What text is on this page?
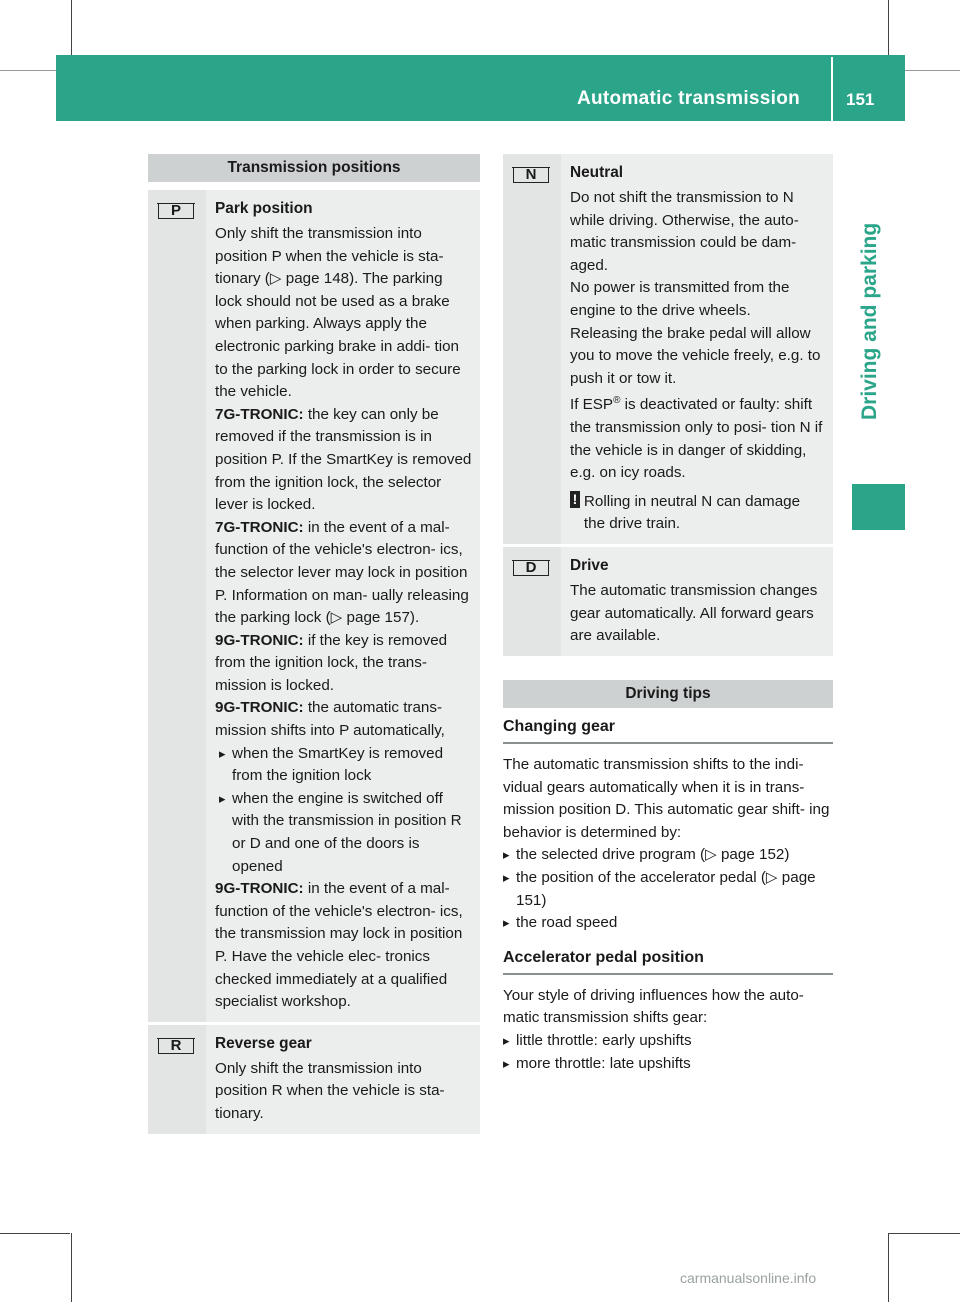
Automatic transmission	151
Driving and parking
Transmission positions
P	Park position

Only shift the transmission into position P when the vehicle is sta- tionary (▷ page 148). The parking lock should not be used as a brake when parking. Always apply the electronic parking brake in addi- tion to the parking lock in order to secure the vehicle.

7G-TRONIC: the key can only be removed if the transmission is in position P. If the SmartKey is removed from the ignition lock, the selector lever is locked.

7G-TRONIC: in the event of a mal- function of the vehicle's electron- ics, the selector lever may lock in position P. Information on man- ually releasing the parking lock (▷ page 157).

9G-TRONIC: if the key is removed from the ignition lock, the trans- mission is locked.

9G-TRONIC: the automatic trans- mission shifts into P automatically,

▸ when the SmartKey is removed from the ignition lock

▸ when the engine is switched off with the transmission in position R or D and one of the doors is opened

9G-TRONIC: in the event of a mal- function of the vehicle's electron- ics, the transmission may lock in position P. Have the vehicle elec- tronics checked immediately at a qualified specialist workshop.

R	Reverse gear

Only shift the transmission into position R when the vehicle is sta- tionary.

N	Neutral

Do not shift the transmission to N while driving. Otherwise, the auto- matic transmission could be dam- aged.

No power is transmitted from the engine to the drive wheels.

Releasing the brake pedal will allow you to move the vehicle freely, e.g. to push it or tow it.

If ESP® is deactivated or faulty: shift the transmission only to posi- tion N if the vehicle is in danger of skidding, e.g. on icy roads.

! Rolling in neutral N can damage the drive train.

D	Drive

The automatic transmission changes gear automatically. All forward gears are available.

Driving tips
Changing gear

The automatic transmission shifts to the indi- vidual gears automatically when it is in trans- mission position D. This automatic gear shift- ing behavior is determined by:

▸ the selected drive program (▷ page 152)

▸ the position of the accelerator pedal (▷ page 151)

▸ the road speed

Accelerator pedal position

Your style of driving influences how the auto- matic transmission shifts gear:

▸ little throttle: early upshifts

▸ more throttle: late upshifts

carmanualsonline.info
